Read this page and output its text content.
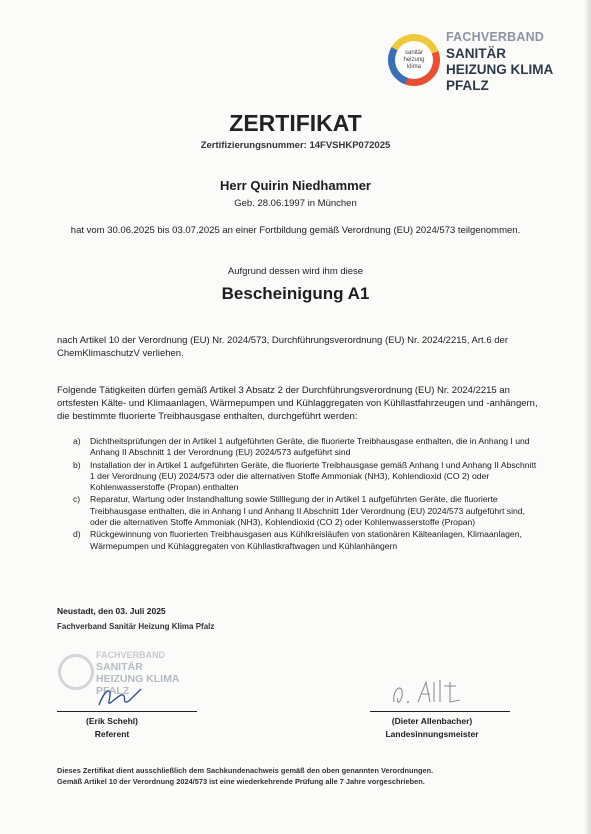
sanitär
heizung
klima
FACHVERBAND
SANITÄR
HEIZUNG KLIMA
PFALZ
ZERTIFIKAT
Zertifizierungsnummer: 14FVSHKP072025
Herr Quirin Niedhammer
Geb. 28.06.1997 in München
hat vom 30.06.2025 bis 03.07.2025 an einer Fortbildung gemäß Verordnung (EU) 2024/573 teilgenommen.
Aufgrund dessen wird ihm diese
Bescheinigung A1
nach Artikel 10 der Verordnung (EU) Nr. 2024/573, Durchführungsverordnung (EU) Nr. 2024/2215, Art.6 der ChemKlimaschutzV verliehen.
Folgende Tätigkeiten dürfen gemäß Artikel 3 Absatz 2 der Durchführungsverordnung (EU) Nr. 2024/2215 an ortsfesten Kälte- und Klimaanlagen, Wärmepumpen und Kühlaggregaten von Kühllastfahrzeugen und -anhängern, die bestimmte fluorierte Treibhausgase enthalten, durchgeführt werden:
a) Dichtheitsprüfungen der in Artikel 1 aufgeführten Geräte, die fluorierte Treibhausgase enthalten, die in Anhang I und Anhang II Abschnitt 1 der Verordnung (EU) 2024/573 aufgeführt sind
b) Installation der in Artikel 1 aufgeführten Geräte, die fluorierte Treibhausgase gemäß Anhang I und Anhang II Abschnitt 1 der Verordnung (EU) 2024/573 oder die alternativen Stoffe Ammoniak (NH3), Kohlendioxid (CO 2) oder Kohlenwasserstoffe (Propan) enthalten
c) Reparatur, Wartung oder Instandhaltung sowie Stilllegung der in Artikel 1 aufgeführten Geräte, die fluorierte Treibhausgase enthalten, die in Anhang I und Anhang II Abschnitt 1der Verordnung (EU) 2024/573 aufgeführt sind, oder die alternativen Stoffe Ammoniak (NH3), Kohlendioxid (CO 2) oder Kohlenwasserstoffe (Propan)
d) Rückgewinnung von fluorierten Treibhausgasen aus Kühlkreisläufen von stationären Kälteanlagen, Klimaanlagen, Wärmepumpen und Kühlaggregaten von Kühllastkraftwagen und Kühlanhängern
Neustadt, den 03. Juli 2025
Fachverband Sanitär Heizung Klima Pfalz
FACHVERBAND
SANITÄR
HEIZUNG KLIMA
PFALZ
(Erik Schehl)
Referent
(Dieter Allenbacher)
Landesinnungsmeister
Dieses Zertifikat dient ausschließlich dem Sachkundenachweis gemäß den oben genannten Verordnungen.
Gemäß Artikel 10 der Verordnung 2024/573 ist eine wiederkehrende Prüfung alle 7 Jahre vorgeschrieben.
